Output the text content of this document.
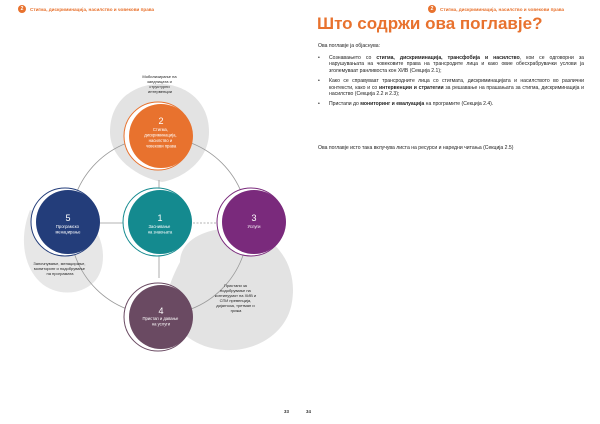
2	Стигма, дискриминација, насилство и човекови права
2
Стигма, дискриминација, насилство и човекови права
1
Заснивање на знаењата
3
Услуги
5
Програмско менаџирање
4
Пристап и давање на услуги
Мобилизирање на заедницата и структурни интервенции
Пристапи за подобрување на континуумот на ХИВ и СПИ превенција, дијагноза, третман и грижа
Започнување, менаџирање, мониторинг и подобрување на програмата
33
2	Стигма, дискриминација, насилство и човекови права
Што содржи ова поглавје?

Ова поглавје ја објаснува:

• Сознавањето со стигма, дискриминација, трансфобија и насилство, кои се одговорни за нарушувањата на човековите права на трансродите лица и како овие обесхрабрувачки услови ја зголемуваат ранливоста кон ХИВ (Секција 2.1);
• Како се справуваат трансродните лица со стигмата, дискриминацијата и насилството во различни контексти, како и со интервенции и стратегии за решавање на прашањата за стигма, дискриминација и насилство (Секција 2.2 и 2.3);
• Пристапи до мониторинг и евалуација на програмите (Секција 2.4).

Ова поглавје исто така вклучува листа на ресурси и наредни читања (Секција 2.5)

34
